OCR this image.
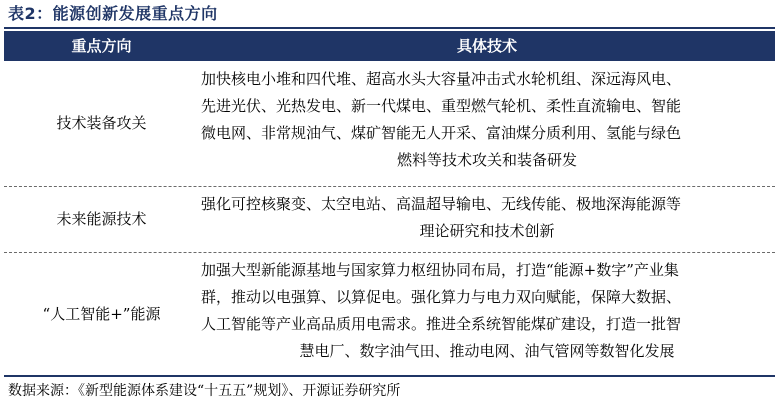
表2：能源创新发展重点方向
重点方向	具体技术
技术装备攻关
加快核电小堆和四代堆、超高水头大容量冲击式水轮机组、深远海风电、
先进光伏、光热发电、新一代煤电、重型燃气轮机、柔性直流输电、智能
微电网、非常规油气、煤矿智能无人开采、富油煤分质利用、氢能与绿色
燃料等技术攻关和装备研发
未来能源技术
强化可控核聚变、太空电站、高温超导输电、无线传能、极地深海能源等
理论研究和技术创新
“人工智能+”能源
加强大型新能源基地与国家算力枢纽协同布局，打造“能源+数字”产业集
群，推动以电强算、以算促电。强化算力与电力双向赋能，保障大数据、
人工智能等产业高品质用电需求。推进全系统智能煤矿建设，打造一批智
慧电厂、数字油气田、推动电网、油气管网等数智化发展
数据来源：《新型能源体系建设“十五五”规划》、开源证券研究所
